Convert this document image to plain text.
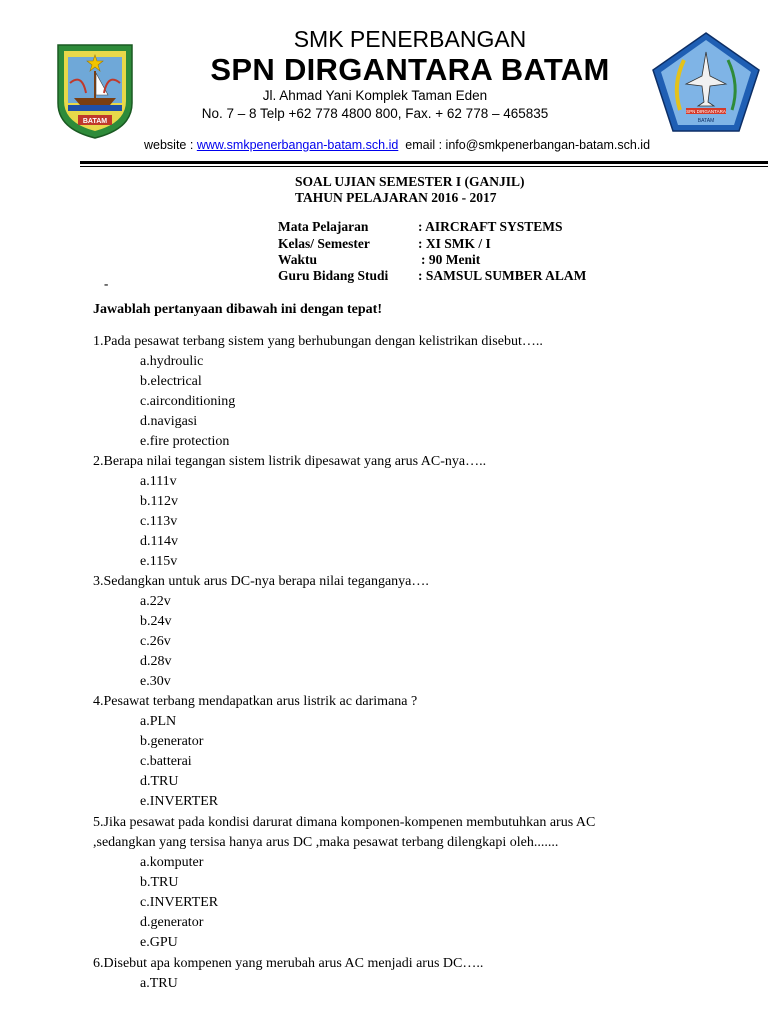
BATAM
SPN DIRGANTARA
BATAM
SMK PENERBANGAN
SPN DIRGANTARA BATAM
Jl. Ahmad Yani Komplek Taman Eden
No. 7 – 8 Telp +62 778 4800 800, Fax. + 62 778 – 465835
website : www.smkpenerbangan-batam.sch.id email : info@smkpenerbangan-batam.sch.id
SOAL UJIAN SEMESTER I (GANJIL)
TAHUN PELAJARAN 2016 - 2017
Mata Pelajaran	: AIRCRAFT SYSTEMS
Kelas/ Semester	: XI SMK / I
Waktu	: 90 Menit
Guru Bidang Studi : SAMSUL SUMBER ALAM
-
Jawablah pertanyaan dibawah ini dengan tepat!
1.Pada pesawat terbang sistem yang berhubungan dengan kelistrikan disebut…..
a.hydroulic
b.electrical
c.airconditioning
d.navigasi
e.fire protection
2.Berapa nilai tegangan sistem listrik dipesawat yang arus AC-nya…..
a.111v
b.112v
c.113v
d.114v
e.115v
3.Sedangkan untuk arus DC-nya berapa nilai teganganya….
a.22v
b.24v
c.26v
d.28v
e.30v
4.Pesawat terbang mendapatkan arus listrik ac darimana ?
a.PLN
b.generator
c.batterai
d.TRU
e.INVERTER
5.Jika pesawat pada kondisi darurat dimana komponen-kompenen membutuhkan arus AC
,sedangkan yang tersisa hanya arus DC ,maka pesawat terbang dilengkapi oleh.......
a.komputer
b.TRU
c.INVERTER
d.generator
e.GPU
6.Disebut apa kompenen yang merubah arus AC menjadi arus DC…..
a.TRU
